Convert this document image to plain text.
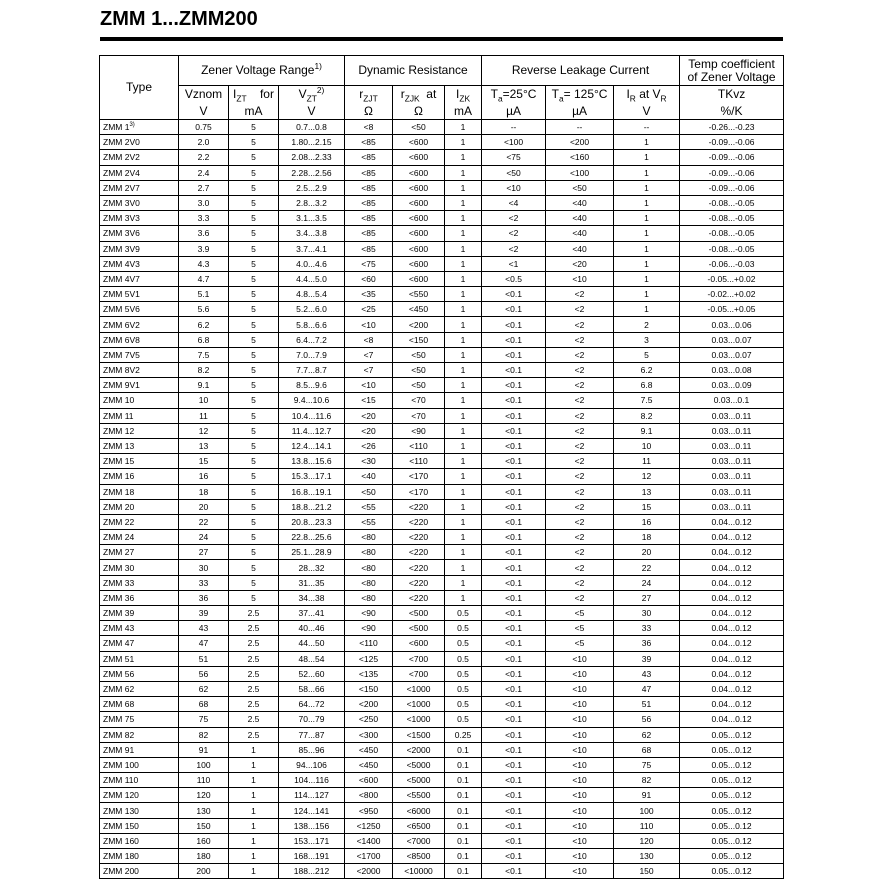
ZMM 1...ZMM200
Type	Zener Voltage Range$^{1)}$			Dynamic Resistance			Reverse Leakage Current			Temp coefficient
of Zener Voltage
	Vznom	$I_{ZT}$ for	$V_{ZT}^{2)}$	$r_{ZJT}$	$r_{ZJK}$ at	$I_{ZK}$	$T_a=25^\circ C$	$T_a= 125^\circ C$	$I_R$ at $V_R$	TKvz
	V	mA	V	Ω	Ω	mA	µA	µA	V	%/K
ZMM 1$^{3)}$	0.75	5	0.7...0.8	<8	<50	1	--	--	--	-0.26...-0.23
ZMM 2V0	2.0	5	1.80...2.15	<85	<600	1	<100	<200	1	-0.09...-0.06
ZMM 2V2	2.2	5	2.08...2.33	<85	<600	1	<75	<160	1	-0.09...-0.06
ZMM 2V4	2.4	5	2.28...2.56	<85	<600	1	<50	<100	1	-0.09...-0.06
ZMM 2V7	2.7	5	2.5...2.9	<85	<600	1	<10	<50	1	-0.09...-0.06
ZMM 3V0	3.0	5	2.8...3.2	<85	<600	1	<4	<40	1	-0.08...-0.05
ZMM 3V3	3.3	5	3.1...3.5	<85	<600	1	<2	<40	1	-0.08...-0.05
ZMM 3V6	3.6	5	3.4...3.8	<85	<600	1	<2	<40	1	-0.08...-0.05
ZMM 3V9	3.9	5	3.7...4.1	<85	<600	1	<2	<40	1	-0.08...-0.05
ZMM 4V3	4.3	5	4.0...4.6	<75	<600	1	<1	<20	1	-0.06...-0.03
ZMM 4V7	4.7	5	4.4...5.0	<60	<600	1	<0.5	<10	1	-0.05...+0.02
ZMM 5V1	5.1	5	4.8...5.4	<35	<550	1	<0.1	<2	1	-0.02...+0.02
ZMM 5V6	5.6	5	5.2...6.0	<25	<450	1	<0.1	<2	1	-0.05...+0.05
ZMM 6V2	6.2	5	5.8...6.6	<10	<200	1	<0.1	<2	2	0.03...0.06
ZMM 6V8	6.8	5	6.4...7.2	<8	<150	1	<0.1	<2	3	0.03...0.07
ZMM 7V5	7.5	5	7.0...7.9	<7	<50	1	<0.1	<2	5	0.03...0.07
ZMM 8V2	8.2	5	7.7...8.7	<7	<50	1	<0.1	<2	6.2	0.03...0.08
ZMM 9V1	9.1	5	8.5...9.6	<10	<50	1	<0.1	<2	6.8	0.03...0.09
ZMM 10	10	5	9.4...10.6	<15	<70	1	<0.1	<2	7.5	0.03...0.1
ZMM 11	11	5	10.4...11.6	<20	<70	1	<0.1	<2	8.2	0.03...0.11
ZMM 12	12	5	11.4...12.7	<20	<90	1	<0.1	<2	9.1	0.03...0.11
ZMM 13	13	5	12.4...14.1	<26	<110	1	<0.1	<2	10	0.03...0.11
ZMM 15	15	5	13.8...15.6	<30	<110	1	<0.1	<2	11	0.03...0.11
ZMM 16	16	5	15.3...17.1	<40	<170	1	<0.1	<2	12	0.03...0.11
ZMM 18	18	5	16.8...19.1	<50	<170	1	<0.1	<2	13	0.03...0.11
ZMM 20	20	5	18.8...21.2	<55	<220	1	<0.1	<2	15	0.03...0.11
ZMM 22	22	5	20.8...23.3	<55	<220	1	<0.1	<2	16	0.04...0.12
ZMM 24	24	5	22.8...25.6	<80	<220	1	<0.1	<2	18	0.04...0.12
ZMM 27	27	5	25.1...28.9	<80	<220	1	<0.1	<2	20	0.04...0.12
ZMM 30	30	5	28...32	<80	<220	1	<0.1	<2	22	0.04...0.12
ZMM 33	33	5	31...35	<80	<220	1	<0.1	<2	24	0.04...0.12
ZMM 36	36	5	34...38	<80	<220	1	<0.1	<2	27	0.04...0.12
ZMM 39	39	2.5	37...41	<90	<500	0.5	<0.1	<5	30	0.04...0.12
ZMM 43	43	2.5	40...46	<90	<500	0.5	<0.1	<5	33	0.04...0.12
ZMM 47	47	2.5	44...50	<110	<600	0.5	<0.1	<5	36	0.04...0.12
ZMM 51	51	2.5	48...54	<125	<700	0.5	<0.1	<10	39	0.04...0.12
ZMM 56	56	2.5	52...60	<135	<700	0.5	<0.1	<10	43	0.04...0.12
ZMM 62	62	2.5	58...66	<150	<1000	0.5	<0.1	<10	47	0.04...0.12
ZMM 68	68	2.5	64...72	<200	<1000	0.5	<0.1	<10	51	0.04...0.12
ZMM 75	75	2.5	70...79	<250	<1000	0.5	<0.1	<10	56	0.04...0.12
ZMM 82	82	2.5	77...87	<300	<1500	0.25	<0.1	<10	62	0.05...0.12
ZMM 91	91	1	85...96	<450	<2000	0.1	<0.1	<10	68	0.05...0.12
ZMM 100	100	1	94...106	<450	<5000	0.1	<0.1	<10	75	0.05...0.12
ZMM 110	110	1	104...116	<600	<5000	0.1	<0.1	<10	82	0.05...0.12
ZMM 120	120	1	114...127	<800	<5500	0.1	<0.1	<10	91	0.05...0.12
ZMM 130	130	1	124...141	<950	<6000	0.1	<0.1	<10	100	0.05...0.12
ZMM 150	150	1	138...156	<1250	<6500	0.1	<0.1	<10	110	0.05...0.12
ZMM 160	160	1	153...171	<1400	<7000	0.1	<0.1	<10	120	0.05...0.12
ZMM 180	180	1	168...191	<1700	<8500	0.1	<0.1	<10	130	0.05...0.12
ZMM 200	200	1	188...212	<2000	<10000	0.1	<0.1	<10	150	0.05...0.12
